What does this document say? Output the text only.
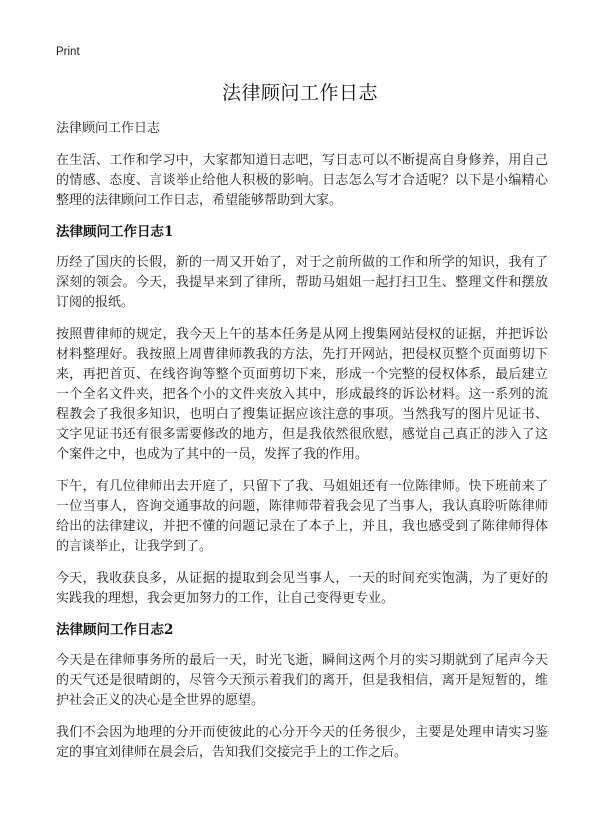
Print
法律顾问工作日志
法律顾问工作日志

在生活、工作和学习中，大家都知道日志吧，写日志可以不断提高自身修养，用自己的情感、态度、言谈举止给他人积极的影响。日志怎么写才合适呢？以下是小编精心整理的法律顾问工作日志，希望能够帮助到大家。

法律顾问工作日志1

历经了国庆的长假，新的一周又开始了，对于之前所做的工作和所学的知识，我有了深刻的领会。今天，我提早来到了律所，帮助马姐姐一起打扫卫生、整理文件和摆放订阅的报纸。

按照曹律师的规定，我今天上午的基本任务是从网上搜集网站侵权的证据，并把诉讼材料整理好。我按照上周曹律师教我的方法，先打开网站，把侵权页整个页面剪切下来，再把首页、在线咨询等整个页面剪切下来，形成一个完整的侵权体系，最后建立一个全名文件夹，把各个小的文件夹放入其中，形成最终的诉讼材料。这一系列的流程教会了我很多知识，也明白了搜集证据应该注意的事项。当然我写的图片见证书、文字见证书还有很多需要修改的地方，但是我依然很欣慰，感觉自己真正的涉入了这个案件之中，也成为了其中的一员，发挥了我的作用。

下午，有几位律师出去开庭了，只留下了我、马姐姐还有一位陈律师。快下班前来了一位当事人，咨询交通事故的问题，陈律师带着我会见了当事人，我认真聆听陈律师给出的法律建议，并把不懂的问题记录在了本子上，并且，我也感受到了陈律师得体的言谈举止，让我学到了。

今天，我收获良多，从证据的提取到会见当事人，一天的时间充实饱满，为了更好的实践我的理想，我会更加努力的工作，让自己变得更专业。

法律顾问工作日志2

今天是在律师事务所的最后一天，时光飞逝，瞬间这两个月的实习期就到了尾声今天的天气还是很晴朗的，尽管今天预示着我们的离开，但是我相信，离开是短暂的，维护社会正义的决心是全世界的愿望。

我们不会因为地理的分开而使彼此的心分开今天的任务很少，主要是处理申请实习鉴定的事宜刘律师在晨会后，告知我们交接完手上的工作之后。
